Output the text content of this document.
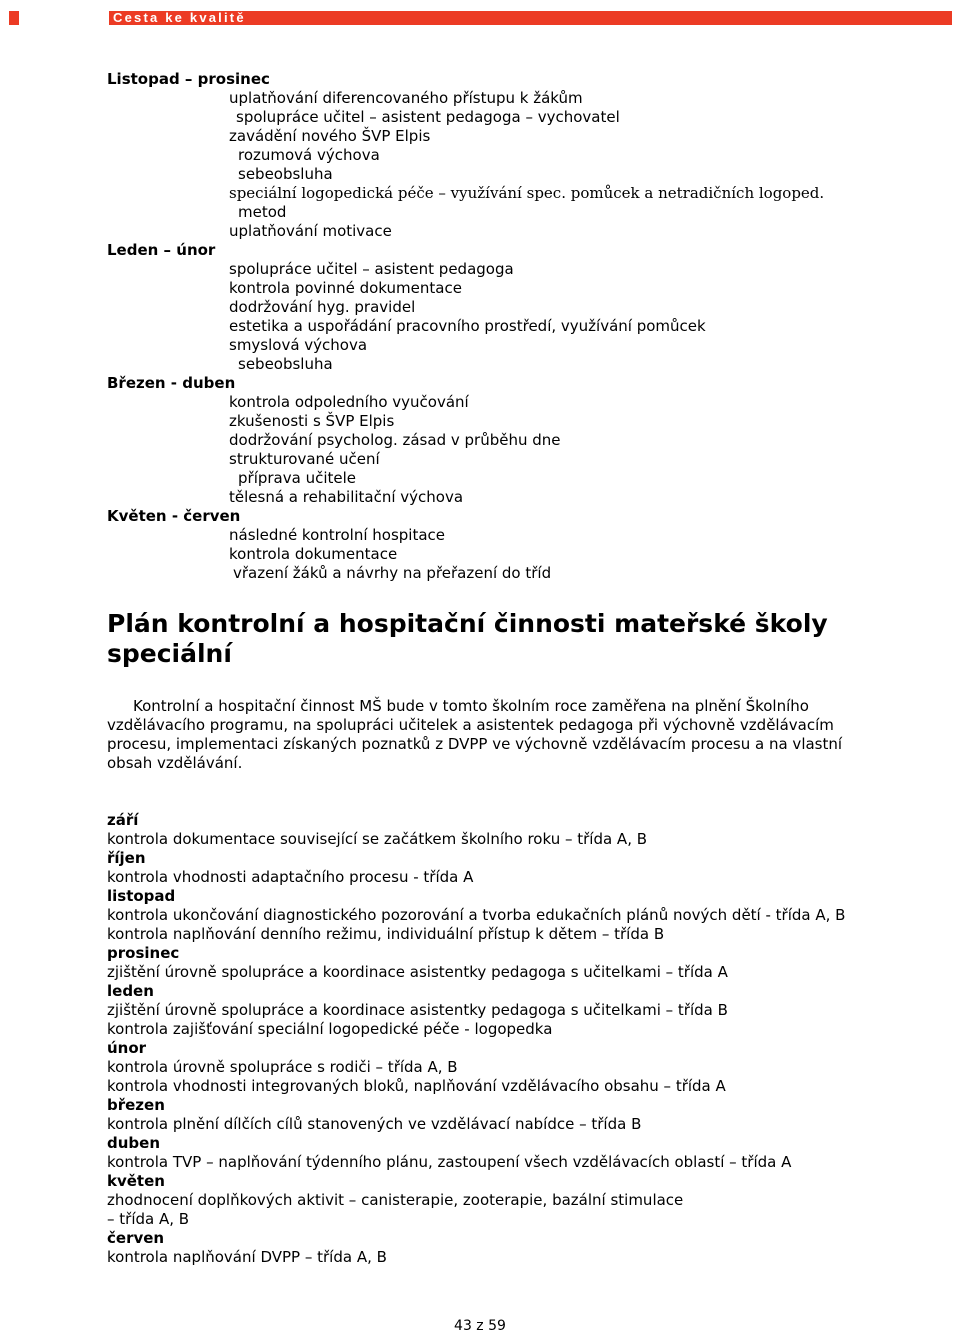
Cesta ke kvalitě
Listopad – prosinec
uplatňování diferencovaného přístupu k žákům
spolupráce učitel – asistent pedagoga – vychovatel
zavádění nového ŠVP Elpis
rozumová výchova
sebeobsluha
speciální logopedická péče – využívání spec. pomůcek a netradičních logoped.
metod
uplatňování motivace
Leden – únor
spolupráce učitel – asistent pedagoga
kontrola povinné dokumentace
dodržování hyg. pravidel
estetika a uspořádání pracovního prostředí, využívání pomůcek
smyslová výchova
sebeobsluha
Březen - duben
kontrola odpoledního vyučování
zkušenosti s ŠVP Elpis
dodržování psycholog. zásad v průběhu dne
strukturované učení
příprava učitele
tělesná a rehabilitační výchova
Květen - červen
následné kontrolní hospitace
kontrola dokumentace
vřazení žáků a návrhy na přeřazení do tříd
Plán kontrolní a hospitační činnosti mateřské školy speciální
Kontrolní a hospitační činnost MŠ bude v tomto školním roce zaměřena na plnění Školního vzdělávacího programu, na spolupráci učitelek a asistentek pedagoga při výchovně vzdělávacím procesu, implementaci získaných poznatků z DVPP ve výchovně vzdělávacím procesu a na vlastní obsah vzdělávání.
září
kontrola dokumentace související se začátkem školního roku – třída A, B
říjen
kontrola vhodnosti adaptačního procesu - třída A
listopad
kontrola ukončování diagnostického pozorování a tvorba edukačních plánů nových dětí - třída A, B
kontrola naplňování denního režimu, individuální přístup k dětem – třída B
prosinec
zjištění úrovně spolupráce a koordinace asistentky pedagoga s učitelkami – třída A
leden
zjištění úrovně spolupráce a koordinace asistentky pedagoga s učitelkami – třída B
kontrola zajišťování speciální logopedické péče - logopedka
únor
kontrola úrovně spolupráce s rodiči – třída A, B
kontrola vhodnosti integrovaných bloků, naplňování vzdělávacího obsahu – třída A
březen
kontrola plnění dílčích cílů stanovených ve vzdělávací nabídce – třída B
duben
kontrola TVP – naplňování týdenního plánu, zastoupení všech vzdělávacích oblastí – třída A
květen
zhodnocení doplňkových aktivit – canisterapie, zooterapie, bazální stimulace
– třída A, B
červen
kontrola naplňování DVPP – třída A, B
43 z 59
